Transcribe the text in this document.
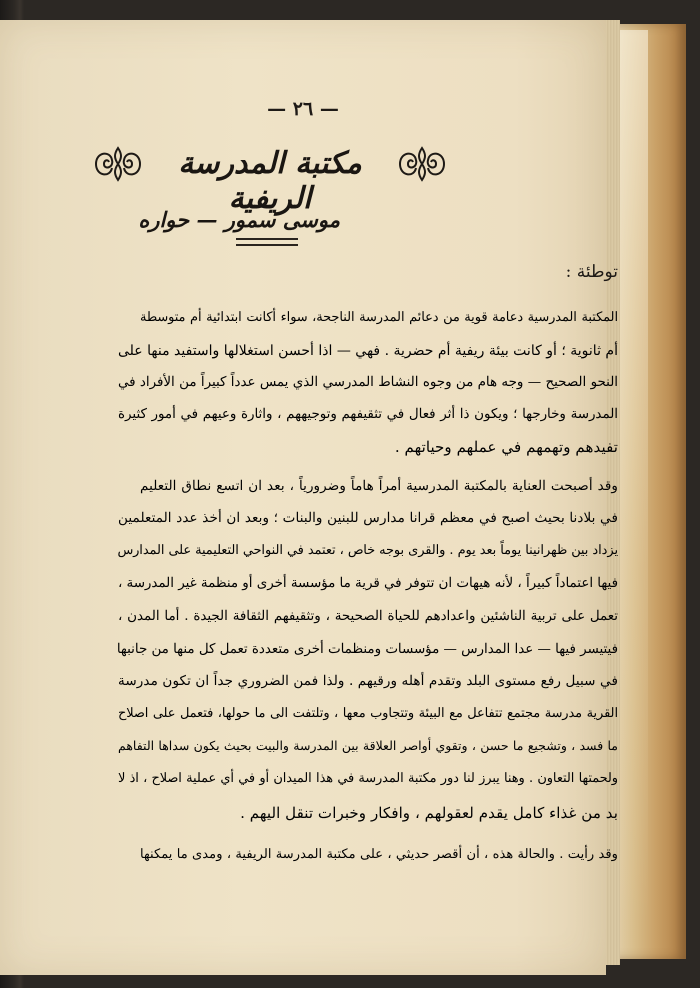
— ٢٦ —
مكتبة المدرسة الريفية
موسى سمور — حواره
توطئة :
المكتبة المدرسية دعامة قوية من دعائم المدرسة الناجحة، سواء أكانت ابتدائية أم متوسطة
أم ثانوية ؛ أو كانت بيئة ريفية أم حضرية . فهي — اذا أحسن استغلالها واستفيد منها على
النحو الصحيح — وجه هام من وجوه النشاط المدرسي الذي يمس عدداً كبيراً من الأفراد في
المدرسة وخارجها ؛ ويكون ذا أثر فعال في تثقيفهم وتوجيههم ، واثارة وعيهم في أمور كثيرة
تفيدهم وتهمهم في عملهم وحياتهم .
وقد أصبحت العناية بالمكتبة المدرسية أمراً هاماً وضرورياً ، بعد ان اتسع نطاق التعليم
في بلادنا بحيث اصبح في معظم قرانا مدارس للبنين والبنات ؛ وبعد ان أخذ عدد المتعلمين
يزداد بين ظهرانينا يوماً بعد يوم . والقرى بوجه خاص ، تعتمد في النواحي التعليمية على المدارس
فيها اعتماداً كبيراً ، لأنه هيهات ان تتوفر في قرية ما مؤسسة أخرى أو منظمة غير المدرسة ،
تعمل على تربية الناشئين واعدادهم للحياة الصحيحة ، وتثقيفهم الثقافة الجيدة . أما المدن ،
فيتيسر فيها — عدا المدارس — مؤسسات ومنظمات أخرى متعددة تعمل كل منها من جانبها
في سبيل رفع مستوى البلد وتقدم أهله ورقيهم . ولذا فمن الضروري جداً ان تكون مدرسة
القرية مدرسة مجتمع تتفاعل مع البيئة وتتجاوب معها ، وتلتفت الى ما حولها، فتعمل على اصلاح
ما فسد ، وتشجيع ما حسن ، وتقوي أواصر العلاقة بين المدرسة والبيت بحيث يكون سداها التفاهم
ولحمتها التعاون . وهنا يبرز لنا دور مكتبة المدرسة في هذا الميدان أو في أي عملية اصلاح ، اذ لا
بد من غذاء كامل يقدم لعقولهم ، وافكار وخبرات تنقل اليهم .
وقد رأيت . والحالة هذه ، أن أقصر حديثي ، على مكتبة المدرسة الريفية ، ومدى ما يمكنها
